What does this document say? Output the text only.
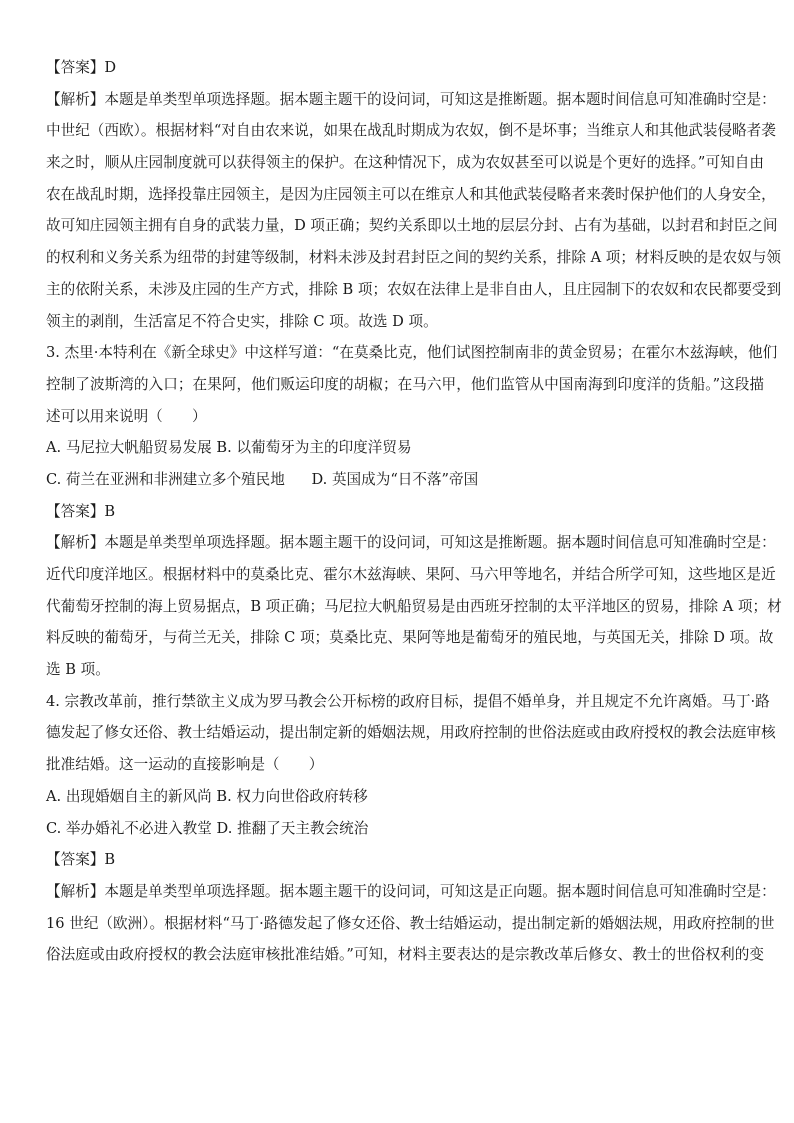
【答案】D
【解析】本题是单类型单项选择题。据本题主题干的设问词，可知这是推断题。据本题时间信息可知准确时空是：
中世纪（西欧）。根据材料“对自由农来说，如果在战乱时期成为农奴，倒不是坏事；当维京人和其他武装侵略者袭
来之时，顺从庄园制度就可以获得领主的保护。在这种情况下，成为农奴甚至可以说是个更好的选择。”可知自由
农在战乱时期，选择投靠庄园领主，是因为庄园领主可以在维京人和其他武装侵略者来袭时保护他们的人身安全，
故可知庄园领主拥有自身的武装力量，D 项正确；契约关系即以土地的层层分封、占有为基础，以封君和封臣之间
的权利和义务关系为纽带的封建等级制，材料未涉及封君封臣之间的契约关系，排除 A 项；材料反映的是农奴与领
主的依附关系，未涉及庄园的生产方式，排除 B 项；农奴在法律上是非自由人，且庄园制下的农奴和农民都要受到
领主的剥削，生活富足不符合史实，排除 C 项。故选 D 项。
3. 杰里·本特利在《新全球史》中这样写道：“在莫桑比克，他们试图控制南非的黄金贸易；在霍尔木兹海峡，他们
控制了波斯湾的入口；在果阿，他们贩运印度的胡椒；在马六甲，他们监管从中国南海到印度洋的货船。”这段描
述可以用来说明（　　）
A. 马尼拉大帆船贸易发展 B. 以葡萄牙为主的印度洋贸易
C. 荷兰在亚洲和非洲建立多个殖民地 D. 英国成为“日不落”帝国
【答案】B
【解析】本题是单类型单项选择题。据本题主题干的设问词，可知这是推断题。据本题时间信息可知准确时空是：
近代印度洋地区。根据材料中的莫桑比克、霍尔木兹海峡、果阿、马六甲等地名，并结合所学可知，这些地区是近
代葡萄牙控制的海上贸易据点，B 项正确；马尼拉大帆船贸易是由西班牙控制的太平洋地区的贸易，排除 A 项；材
料反映的葡萄牙，与荷兰无关，排除 C 项；莫桑比克、果阿等地是葡萄牙的殖民地，与英国无关，排除 D 项。故
选 B 项。
4. 宗教改革前，推行禁欲主义成为罗马教会公开标榜的政府目标，提倡不婚单身，并且规定不允许离婚。马丁·路
德发起了修女还俗、教士结婚运动，提出制定新的婚姻法规，用政府控制的世俗法庭或由政府授权的教会法庭审核
批准结婚。这一运动的直接影响是（　　）
A. 出现婚姻自主的新风尚 B. 权力向世俗政府转移
C. 举办婚礼不必进入教堂 D. 推翻了天主教会统治
【答案】B
【解析】本题是单类型单项选择题。据本题主题干的设问词，可知这是正向题。据本题时间信息可知准确时空是：
16 世纪（欧洲）。根据材料“马丁·路德发起了修女还俗、教士结婚运动，提出制定新的婚姻法规，用政府控制的世
俗法庭或由政府授权的教会法庭审核批准结婚。”可知，材料主要表达的是宗教改革后修女、教士的世俗权利的变
